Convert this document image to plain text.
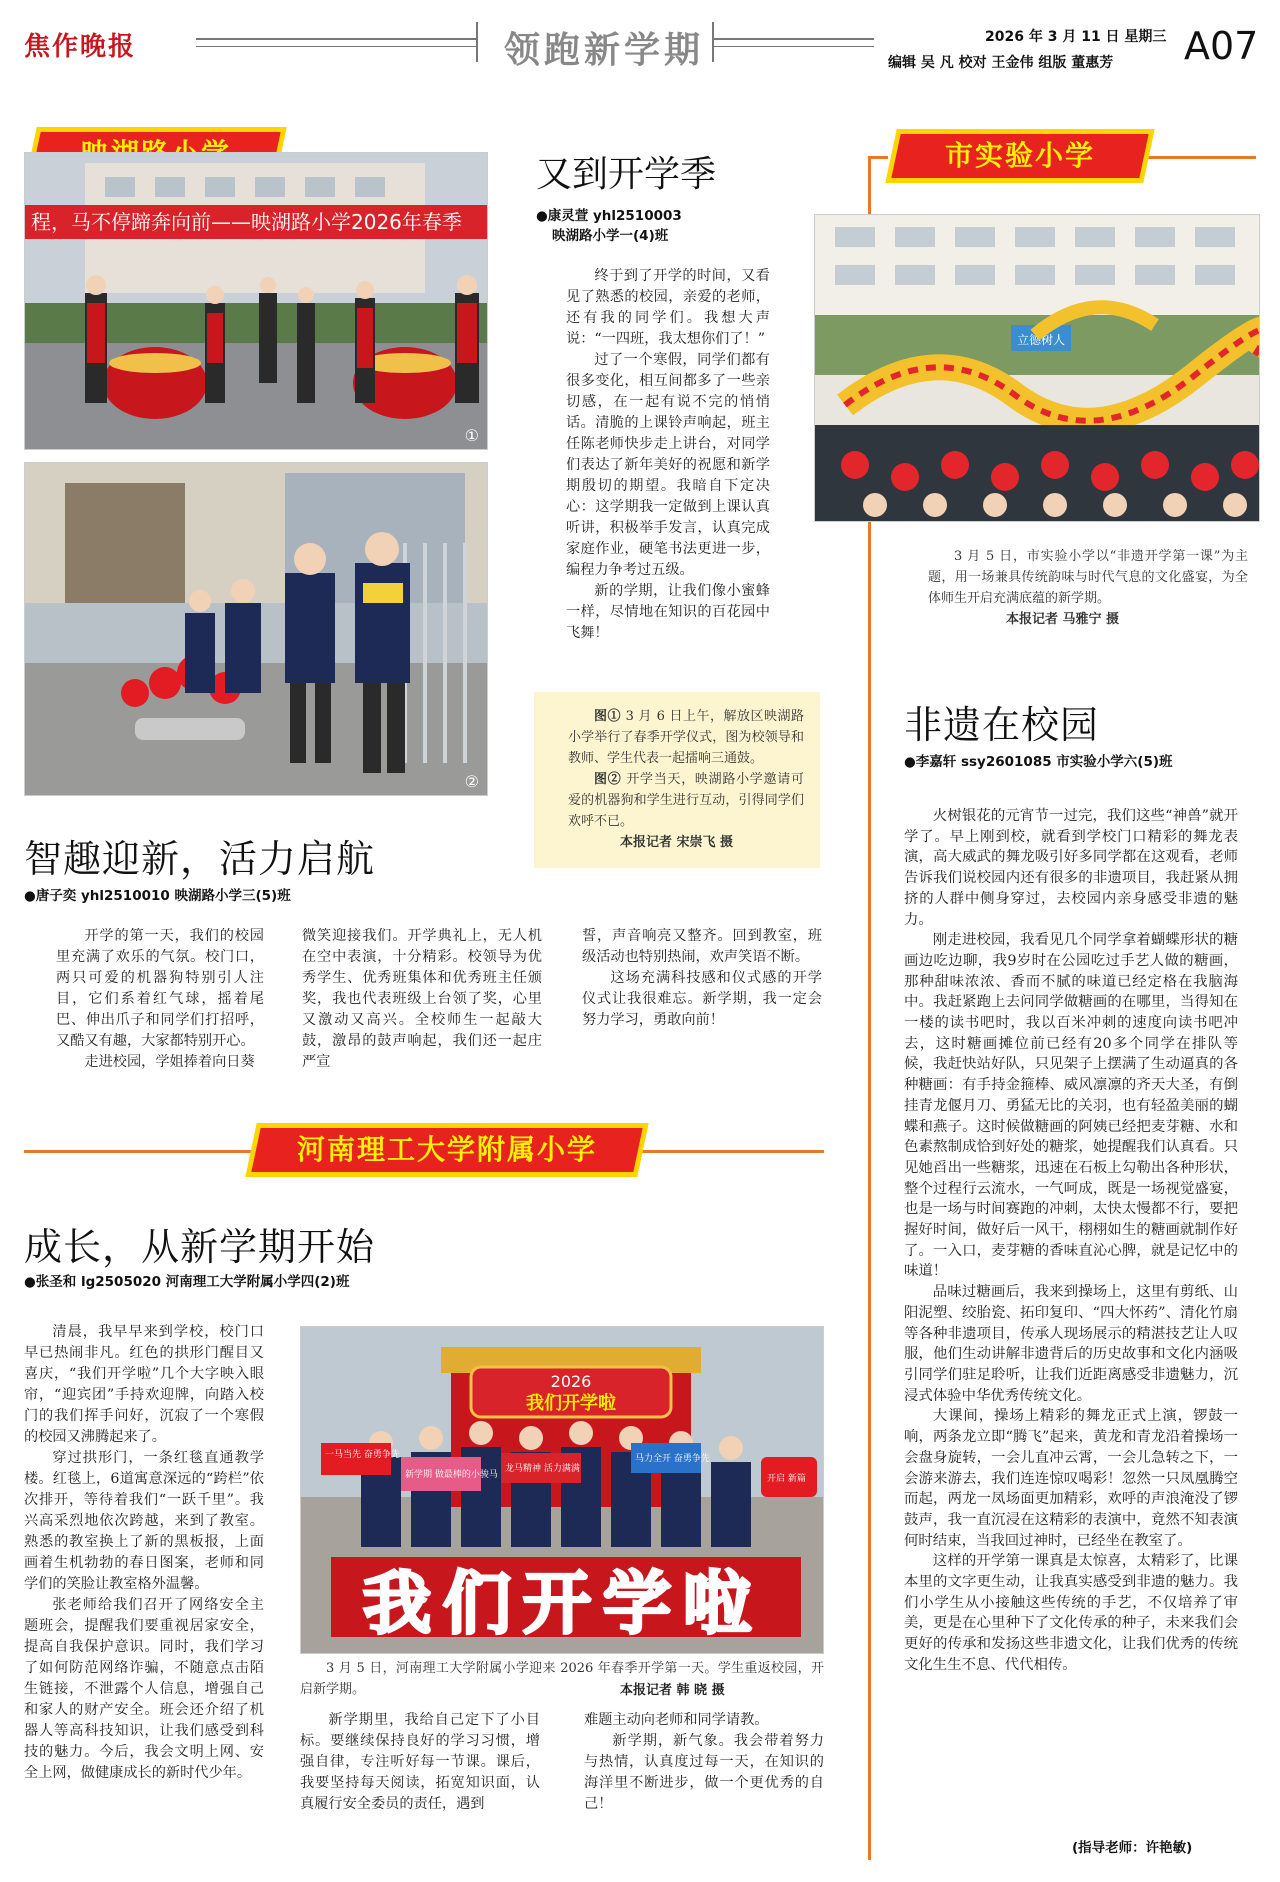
焦作晚报	领跑新学期	2026 年 3 月 11 日 星期三
编辑 吴 凡 校对 王金伟 组版 董惠芳 A07
程，马不停蹄奔向前——映湖路小学2026年春季
①
②
又到开学季
●康灵萱 yhl2510003
映湖路小学一(4)班

终于到了开学的时间，又看见了熟悉的校园，亲爱的老师，还有我的同学们。我想大声说：“一四班，我太想你们了！”

过了一个寒假，同学们都有很多变化，相互间都多了一些亲切感，在一起有说不完的悄悄话。清脆的上课铃声响起，班主任陈老师快步走上讲台，对同学们表达了新年美好的祝愿和新学期殷切的期望。我暗自下定决心：这学期我一定做到上课认真听讲，积极举手发言，认真完成家庭作业，硬笔书法更进一步，编程力争考过五级。

新的学期，让我们像小蜜蜂一样，尽情地在知识的百花园中飞舞！

图① 3 月 6 日上午，解放区映湖路小学举行了春季开学仪式，图为校领导和教师、学生代表一起擂响三通鼓。

图② 开学当天，映湖路小学邀请可爱的机器狗和学生进行互动，引得同学们欢呼不已。

本报记者 宋崇飞 摄

智趣迎新，活力启航
●唐子奕 yhl2510010 映湖路小学三(5)班

开学的第一天，我们的校园里充满了欢乐的气氛。校门口，两只可爱的机器狗特别引人注目，它们系着红气球，摇着尾巴、伸出爪子和同学们打招呼，又酷又有趣，大家都特别开心。

走进校园，学姐捧着向日葵

微笑迎接我们。开学典礼上，无人机在空中表演，十分精彩。校领导为优秀学生、优秀班集体和优秀班主任颁奖，我也代表班级上台领了奖，心里又激动又高兴。全校师生一起敲大鼓，激昂的鼓声响起，我们还一起庄严宣
誓，声音响亮又整齐。回到教室，班级活动也特别热闹，欢声笑语不断。

这场充满科技感和仪式感的开学仪式让我很难忘。新学期，我一定会努力学习，勇敢向前！

河南理工大学附属小学
成长，从新学期开始
●张圣和 lg2505020 河南理工大学附属小学四(2)班

清晨，我早早来到学校，校门口早已热闹非凡。红色的拱形门醒目又喜庆，“我们开学啦”几个大字映入眼帘，“迎宾团”手持欢迎牌，向踏入校门的我们挥手问好，沉寂了一个寒假的校园又沸腾起来了。

穿过拱形门，一条红毯直通教学楼。红毯上，6道寓意深远的“跨栏”依次排开，等待着我们“一跃千里”。我兴高采烈地依次跨越，来到了教室。熟悉的教室换上了新的黑板报，上面画着生机勃勃的春日图案，老师和同学们的笑脸让教室格外温馨。

张老师给我们召开了网络安全主题班会，提醒我们要重视居家安全，提高自我保护意识。同时，我们学习了如何防范网络诈骗，不随意点击陌生链接，不泄露个人信息，增强自己和家人的财产安全。班会还介绍了机器人等高科技知识，让我们感受到科技的魅力。今后，我会文明上网、安全上网，做健康成长的新时代少年。

2026
我们开学啦
一马当先 奋勇争先
新学期 做最棒的小骏马
龙马精神 活力满满
马力全开 奋勇争先
开启 新篇
我们开学啦

3 月 5 日，河南理工大学附属小学迎来 2026 年春季开学第一天。学生重返校园，开启新学期。	本报记者 韩 晓 摄
新学期里，我给自己定下了小目标。要继续保持良好的学习习惯，增强自律，专注听好每一节课。课后，我要坚持每天阅读，拓宽知识面，认真履行安全委员的责任，遇到
难题主动向老师和同学请教。

新学期，新气象。我会带着努力与热情，认真度过每一天，在知识的海洋里不断进步，做一个更优秀的自己！

市实验小学
立德树人

3 月 5 日，市实验小学以“非遗开学第一课”为主题，用一场兼具传统韵味与时代气息的文化盛宴，为全体师生开启充满底蕴的新学期。

本报记者 马雅宁 摄

非遗在校园
●李嘉轩 ssy2601085 市实验小学六(5)班

火树银花的元宵节一过完，我们这些“神兽”就开学了。早上刚到校，就看到学校门口精彩的舞龙表演，高大威武的舞龙吸引好多同学都在这观看，老师告诉我们说校园内还有很多的非遗项目，我赶紧从拥挤的人群中侧身穿过，去校园内亲身感受非遗的魅力。

刚走进校园，我看见几个同学拿着蝴蝶形状的糖画边吃边聊，我9岁时在公园吃过手艺人做的糖画，那种甜味浓浓、香而不腻的味道已经定格在我脑海中。我赶紧跑上去问同学做糖画的在哪里，当得知在一楼的读书吧时，我以百米冲刺的速度向读书吧冲去，这时糖画摊位前已经有20多个同学在排队等候，我赶快站好队，只见架子上摆满了生动逼真的各种糖画：有手持金箍棒、威风凛凛的齐天大圣，有倒挂青龙偃月刀、勇猛无比的关羽，也有轻盈美丽的蝴蝶和燕子。这时候做糖画的阿姨已经把麦芽糖、水和色素熬制成恰到好处的糖浆，她提醒我们认真看。只见她舀出一些糖浆，迅速在石板上勾勒出各种形状，整个过程行云流水，一气呵成，既是一场视觉盛宴，也是一场与时间赛跑的冲刺，太快太慢都不行，要把握好时间，做好后一风干，栩栩如生的糖画就制作好了。一入口，麦芽糖的香味直沁心脾，就是记忆中的味道！

品味过糖画后，我来到操场上，这里有剪纸、山阳泥塑、绞胎瓷、拓印复印、“四大怀药”、清化竹扇等各种非遗项目，传承人现场展示的精湛技艺让人叹服，他们生动讲解非遗背后的历史故事和文化内涵吸引同学们驻足聆听，让我们近距离感受非遗魅力，沉浸式体验中华优秀传统文化。

大课间，操场上精彩的舞龙正式上演，锣鼓一响，两条龙立即“腾飞”起来，黄龙和青龙沿着操场一会盘身旋转，一会儿直冲云霄，一会儿急转之下，一会游来游去，我们连连惊叹喝彩！忽然一只凤凰腾空而起，两龙一凤场面更加精彩，欢呼的声浪淹没了锣鼓声，我一直沉浸在这精彩的表演中，竟然不知表演何时结束，当我回过神时，已经坐在教室了。

这样的开学第一课真是太惊喜，太精彩了，比课本里的文字更生动，让我真实感受到非遗的魅力。我们小学生从小接触这些传统的手艺，不仅培养了审美，更是在心里种下了文化传承的种子，未来我们会更好的传承和发扬这些非遗文化，让我们优秀的传统文化生生不息、代代相传。

(指导老师：许艳敏)
